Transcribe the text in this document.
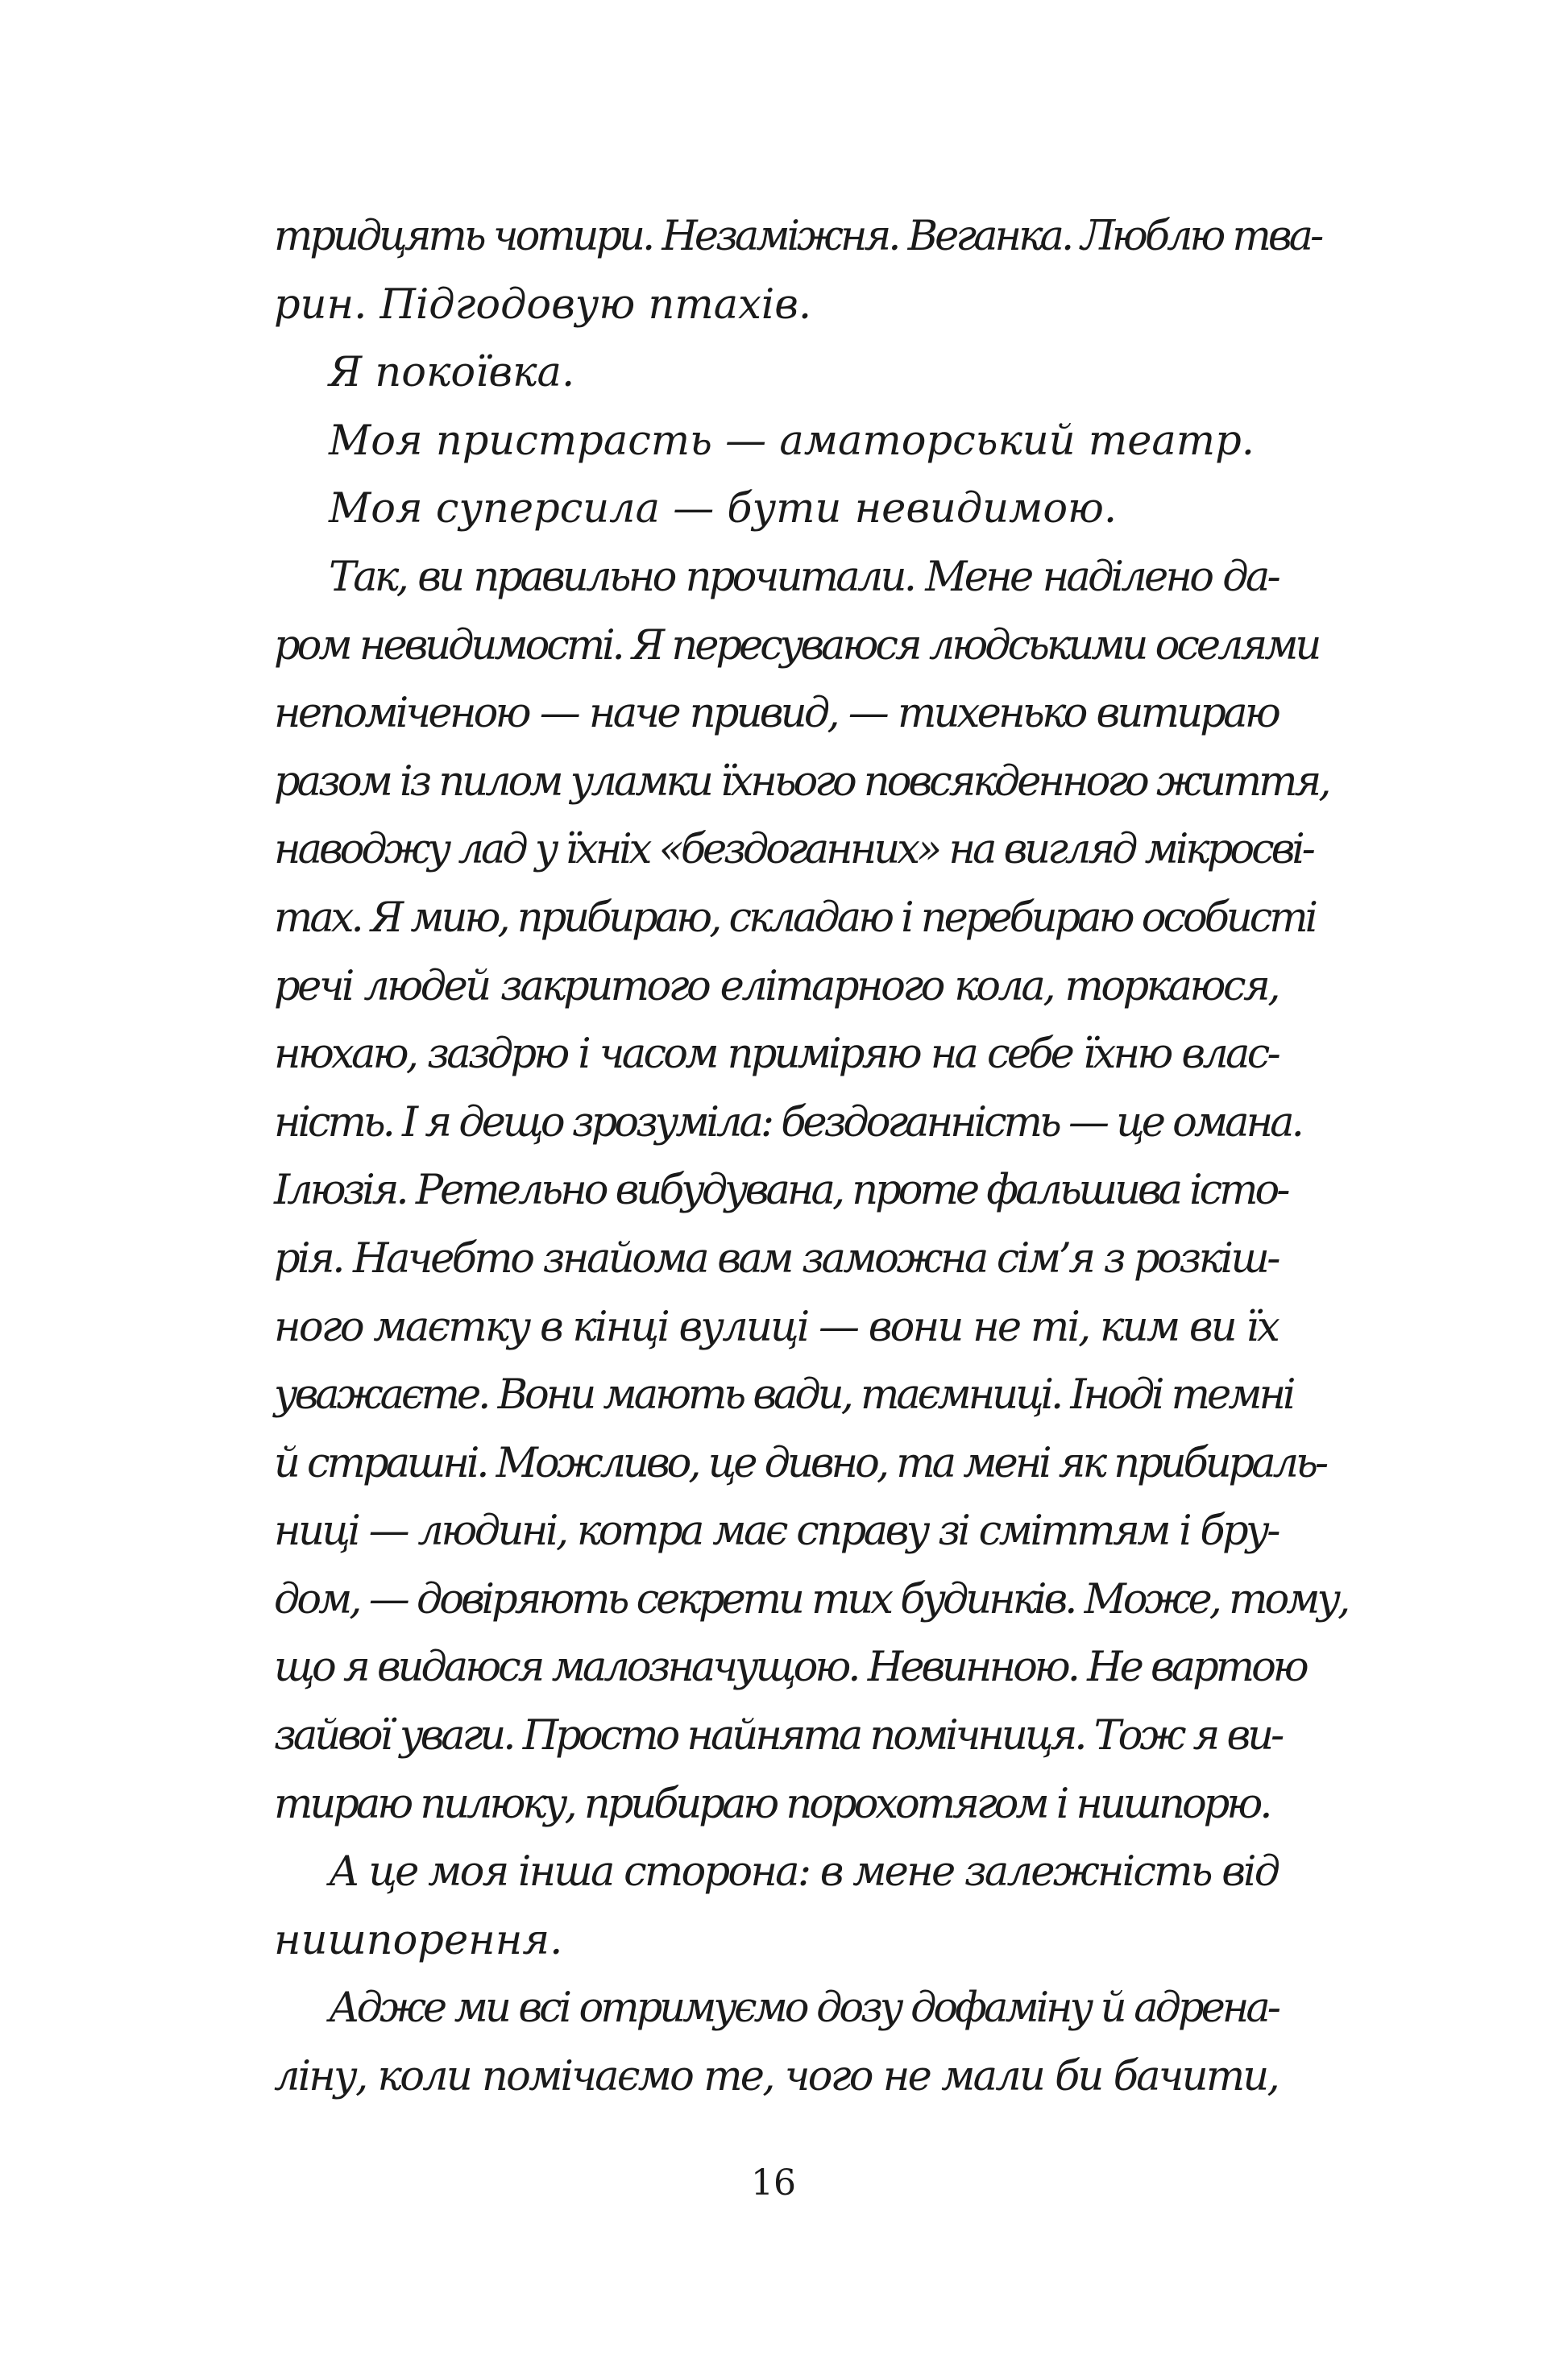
тридцять чотири. Незаміжня. Веганка. Люблю тва-
рин. Підгодовую птахів.
Я покоївка.
Моя пристрасть — аматорський театр.
Моя суперсила — бути невидимою.
Так, ви правильно прочитали. Мене наділено да-
ром невидимості. Я пересуваюся людськими оселями
непоміченою — наче привид, — тихенько витираю
разом із пилом уламки їхнього повсякденного життя,
наводжу лад у їхніх «бездоганних» на вигляд мікросві-
тах. Я мию, прибираю, складаю і перебираю особисті
речі людей закритого елітарного кола, торкаюся,
нюхаю, заздрю і часом приміряю на себе їхню влас-
ність. І я дещо зрозуміла: бездоганність — це омана.
Ілюзія. Ретельно вибудувана, проте фальшива істо-
рія. Начебто знайома вам заможна сім’я з розкіш-
ного маєтку в кінці вулиці — вони не ті, ким ви їх
уважаєте. Вони мають вади, таємниці. Іноді темні
й страшні. Можливо, це дивно, та мені як прибираль-
ниці — людині, котра має справу зі сміттям і бру-
дом, — довіряють секрети тих будинків. Може, тому,
що я видаюся малозначущою. Невинною. Не вартою
зайвої уваги. Просто найнята помічниця. Тож я ви-
тираю пилюку, прибираю порохотягом і нишпорю.
А це моя інша сторона: в мене залежність від
нишпорення.
Адже ми всі отримуємо дозу дофаміну й адрена-
ліну, коли помічаємо те, чого не мали би бачити,
16
